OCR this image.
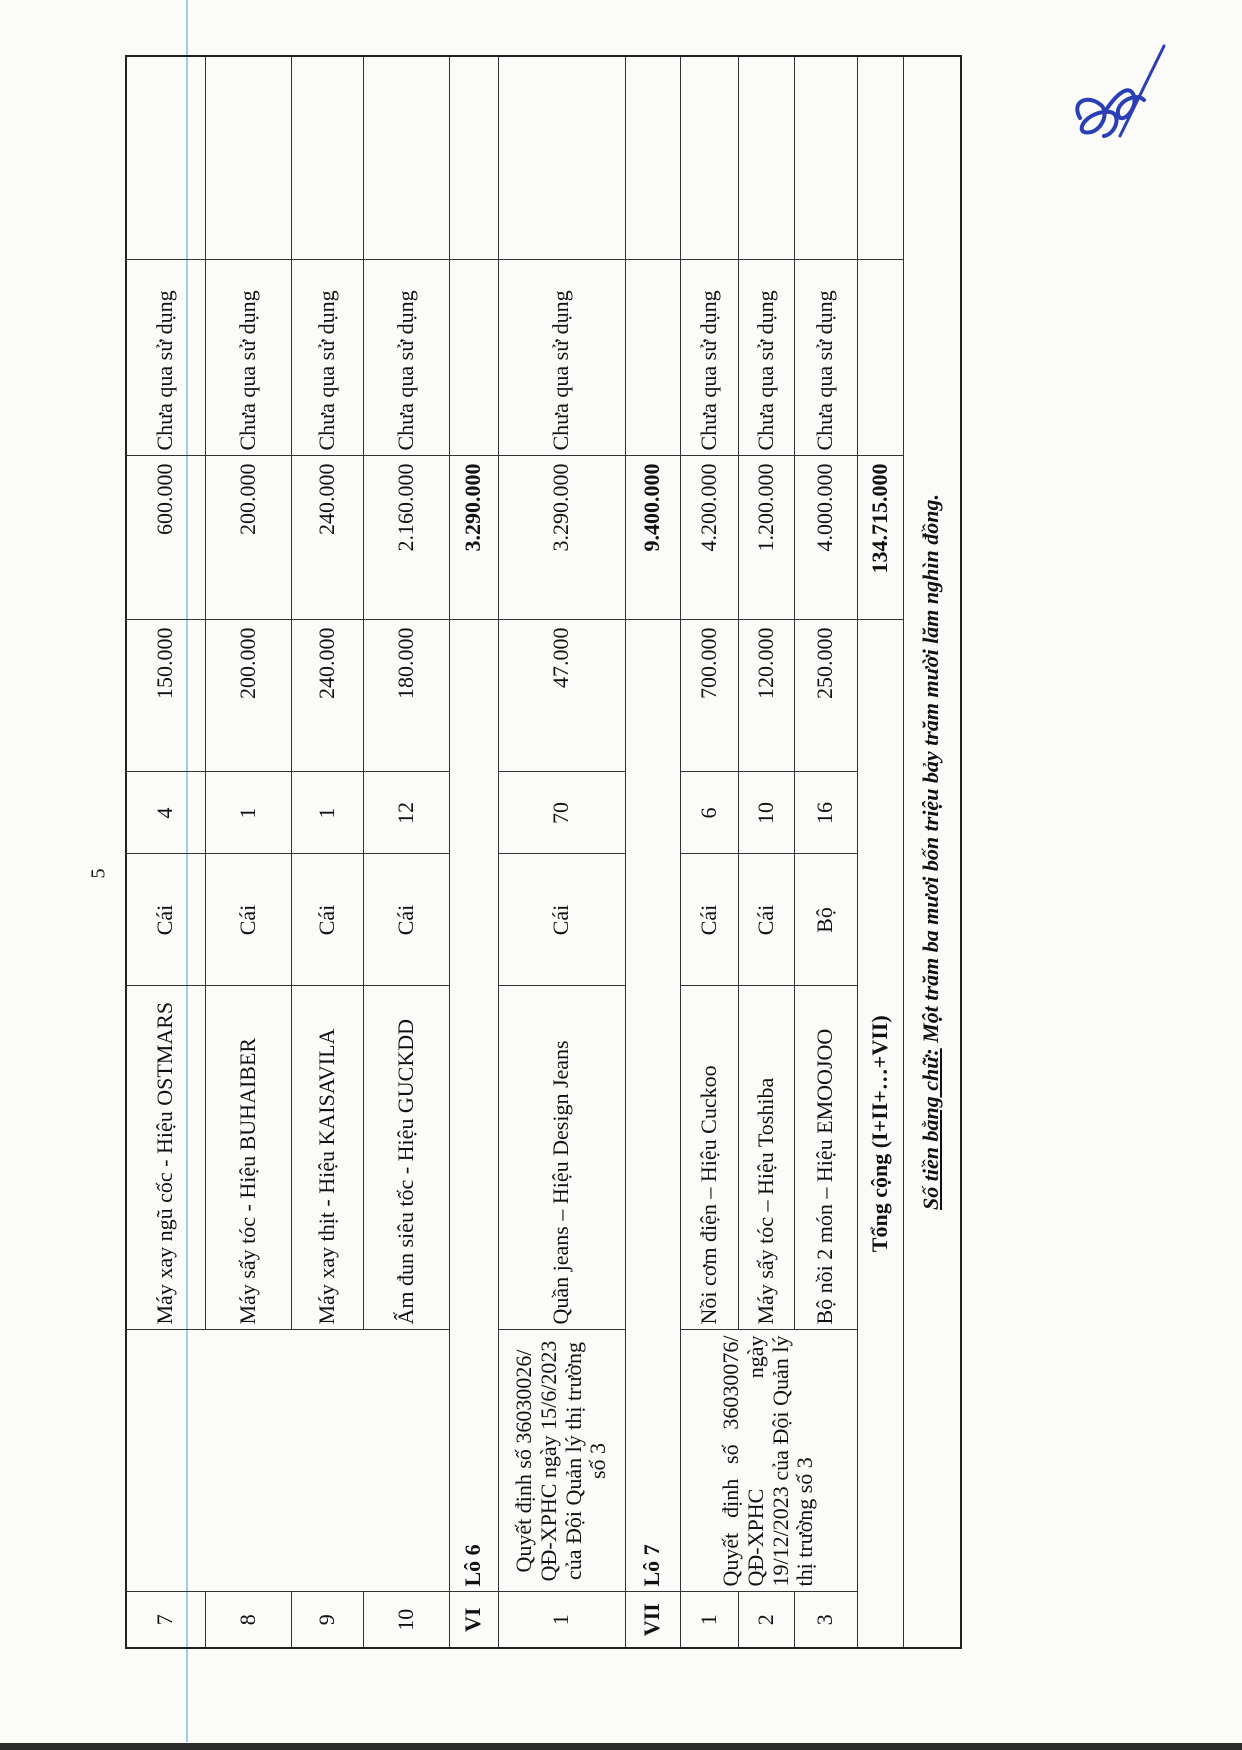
5
7		Máy xay ngũ cốc - Hiệu OSTMARS	Cái	4	150.000	600.000	Chưa qua sử dụng	
8		Máy sấy tóc - Hiệu BUHAIBER	Cái	1	200.000	200.000	Chưa qua sử dụng	
9		Máy xay thịt - Hiệu KAISAVILA	Cái	1	240.000	240.000	Chưa qua sử dụng	
10		Ấm đun siêu tốc - Hiệu GUCKDD	Cái	12	180.000	2.160.000	Chưa qua sử dụng	
VI	Lô 6					3.290.000		
1	Quyết định số 36030026/ QĐ-XPHC ngày 15/6/2023 của Đội Quản lý thị trường số 3	Quần jeans – Hiệu Design Jeans	Cái	70	47.000	3.290.000	Chưa qua sử dụng	
VII	Lô 7					9.400.000		
1	Quyết định số 36030076/ QĐ-XPHC ngày 19/12/2023 của Đội Quản lý thị trường số 3	Nồi cơm điện – Hiệu Cuckoo	Cái	6	700.000	4.200.000	Chưa qua sử dụng	
2		Máy sấy tóc – Hiệu Toshiba	Cái	10	120.000	1.200.000	Chưa qua sử dụng	
3		Bộ nồi 2 món – Hiệu EMOOJOO	Bộ	16	250.000	4.000.000	Chưa qua sử dụng	
Tổng cộng (I+II+…+VII)						134.715.000		
Số tiền bằng chữ: Một trăm ba mươi bốn triệu bảy trăm mười lăm nghìn đồng.								
